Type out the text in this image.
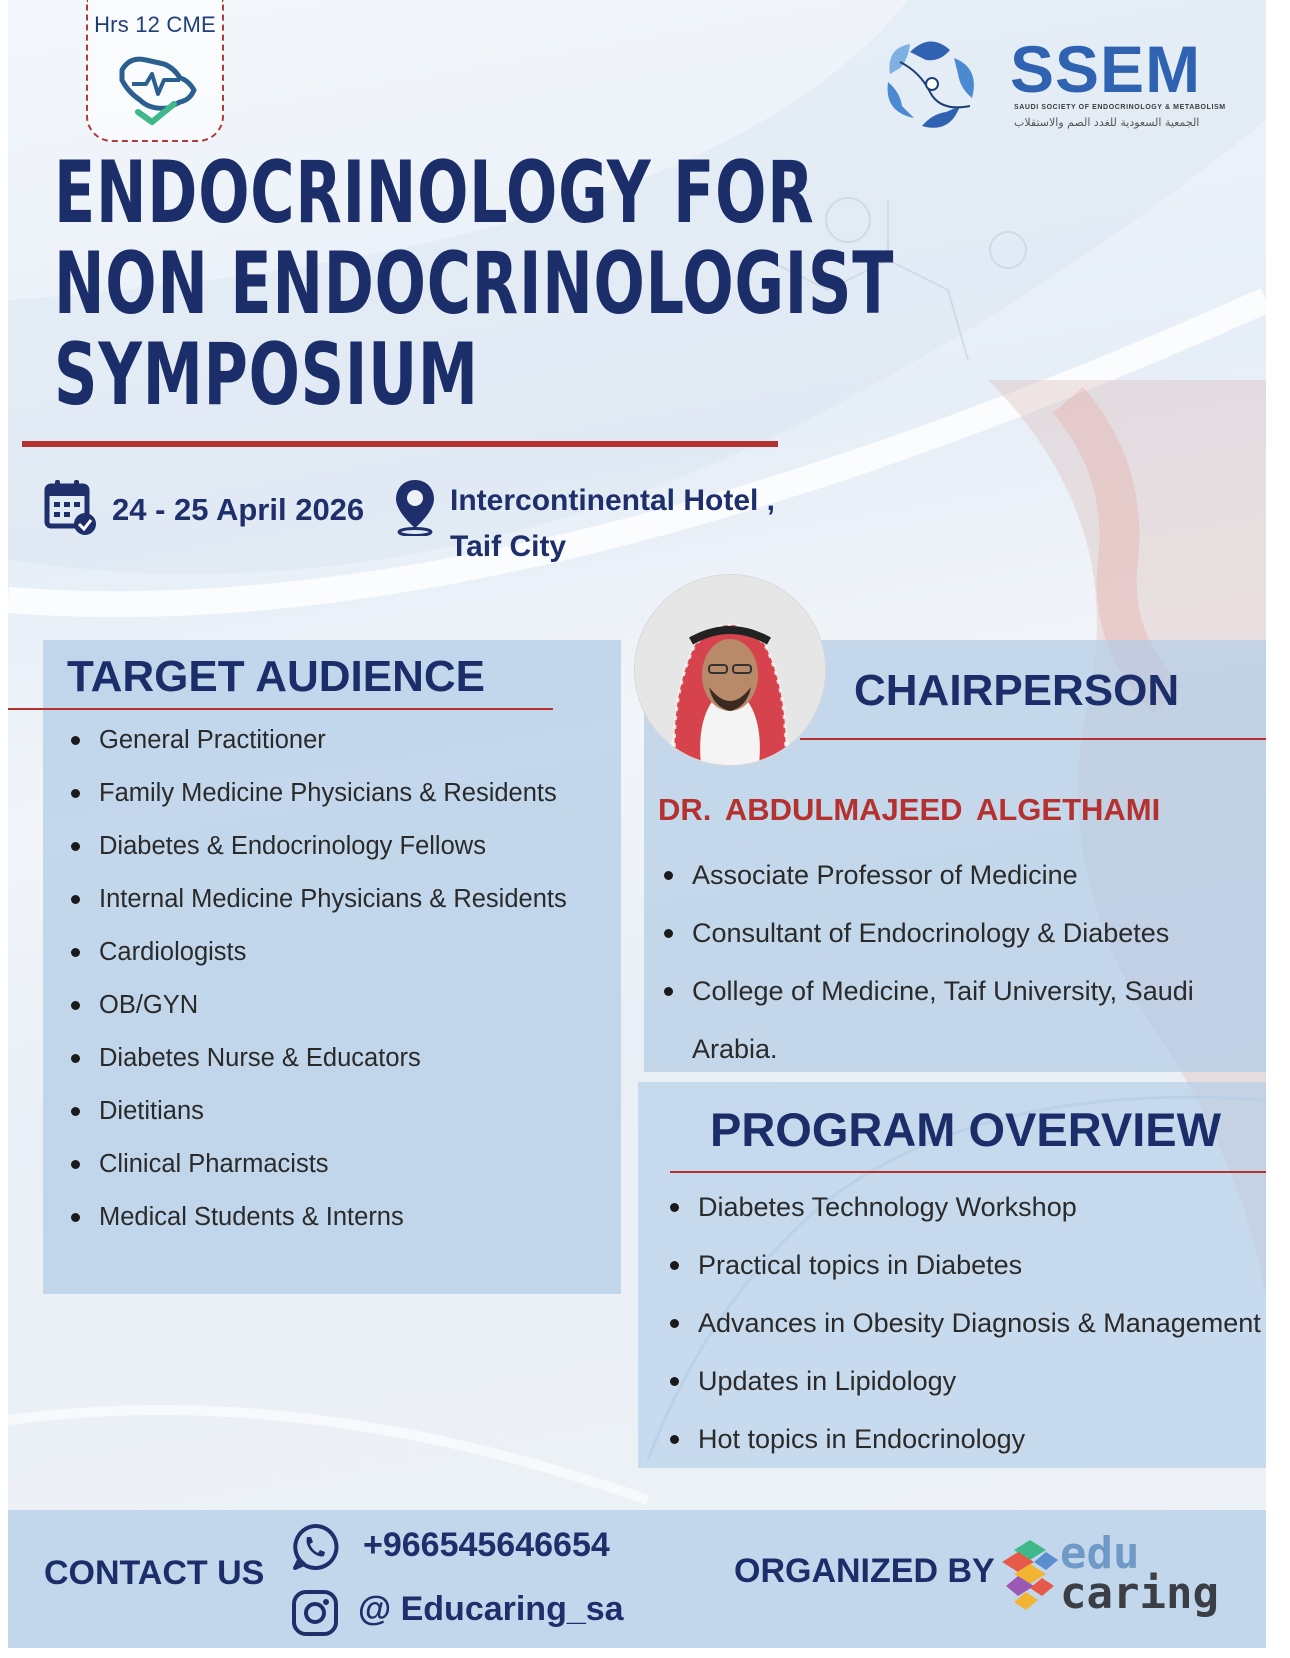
Hrs 12 CME
SSEM
SAUDI SOCIETY OF ENDOCRINOLOGY & METABOLISM
الجمعية السعودية للغدد الصم والاستقلاب
ENDOCRINOLOGY FOR
NON ENDOCRINOLOGIST
SYMPOSIUM
24 - 25 April 2026	Intercontinental Hotel ,
Taif City
TARGET AUDIENCE
General Practitioner
Family Medicine Physicians & Residents
Diabetes & Endocrinology Fellows
Internal Medicine Physicians & Residents
Cardiologists
OB/GYN
Diabetes Nurse & Educators
Dietitians
Clinical Pharmacists
Medical Students & Interns
CHAIRPERSON
DR. ABDULMAJEED ALGETHAMI
Associate Professor of Medicine
Consultant of Endocrinology & Diabetes
College of Medicine, Taif University, Saudi
Arabia.
PROGRAM OVERVIEW
Diabetes Technology Workshop
Practical topics in Diabetes
Advances in Obesity Diagnosis & Management
Updates in Lipidology
Hot topics in Endocrinology
CONTACT US
+966545646654
@ Educaring_sa
ORGANIZED BY edu
caring
